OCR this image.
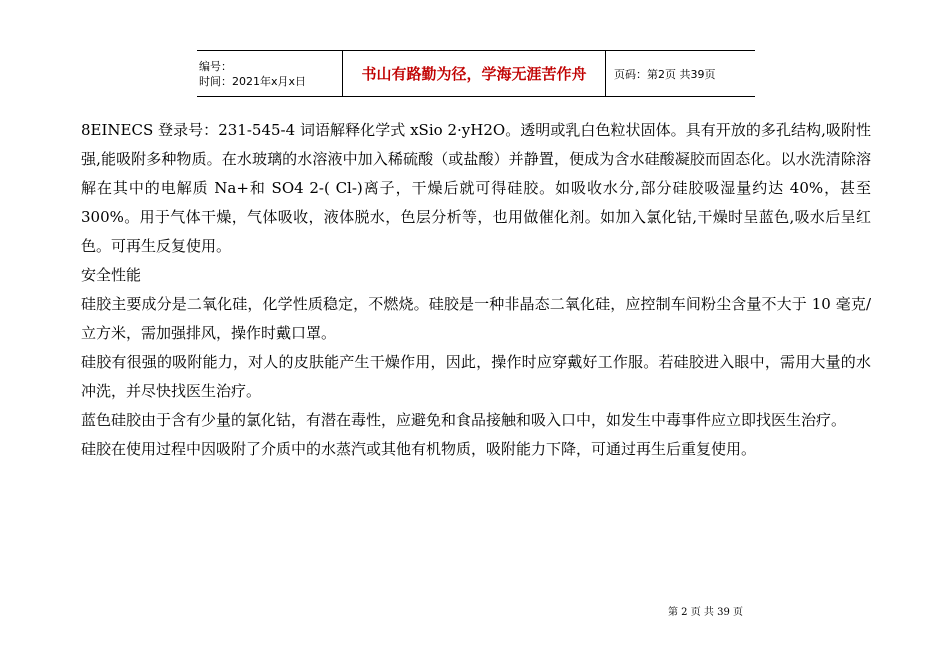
编号：
时间：2021年x月x日	书山有路勤为径，学海无涯苦作舟	页码：第2页 共39页

8EINECS 登录号：231-545-4 词语解释化学式 xSio 2·yH2O。透明或乳白色粒状固体。具有开放的多孔结构,吸附性强,能吸附多种物质。在水玻璃的水溶液中加入稀硫酸（或盐酸）并静置，便成为含水硅酸凝胶而固态化。以水洗清除溶解在其中的电解质 Na+和 SO4 2-( Cl-)离子，干燥后就可得硅胶。如吸收水分,部分硅胶吸湿量约达 40%，甚至 300%。用于气体干燥，气体吸收，液体脱水，色层分析等，也用做催化剂。如加入氯化钴,干燥时呈蓝色,吸水后呈红色。可再生反复使用。

安全性能

硅胶主要成分是二氧化硅，化学性质稳定，不燃烧。硅胶是一种非晶态二氧化硅，应控制车间粉尘含量不大于 10 毫克/立方米，需加强排风，操作时戴口罩。

硅胶有很强的吸附能力，对人的皮肤能产生干燥作用，因此，操作时应穿戴好工作服。若硅胶进入眼中，需用大量的水冲洗，并尽快找医生治疗。

蓝色硅胶由于含有少量的氯化钴，有潜在毒性，应避免和食品接触和吸入口中，如发生中毒事件应立即找医生治疗。

硅胶在使用过程中因吸附了介质中的水蒸汽或其他有机物质，吸附能力下降，可通过再生后重复使用。

第 2 页 共 39 页
